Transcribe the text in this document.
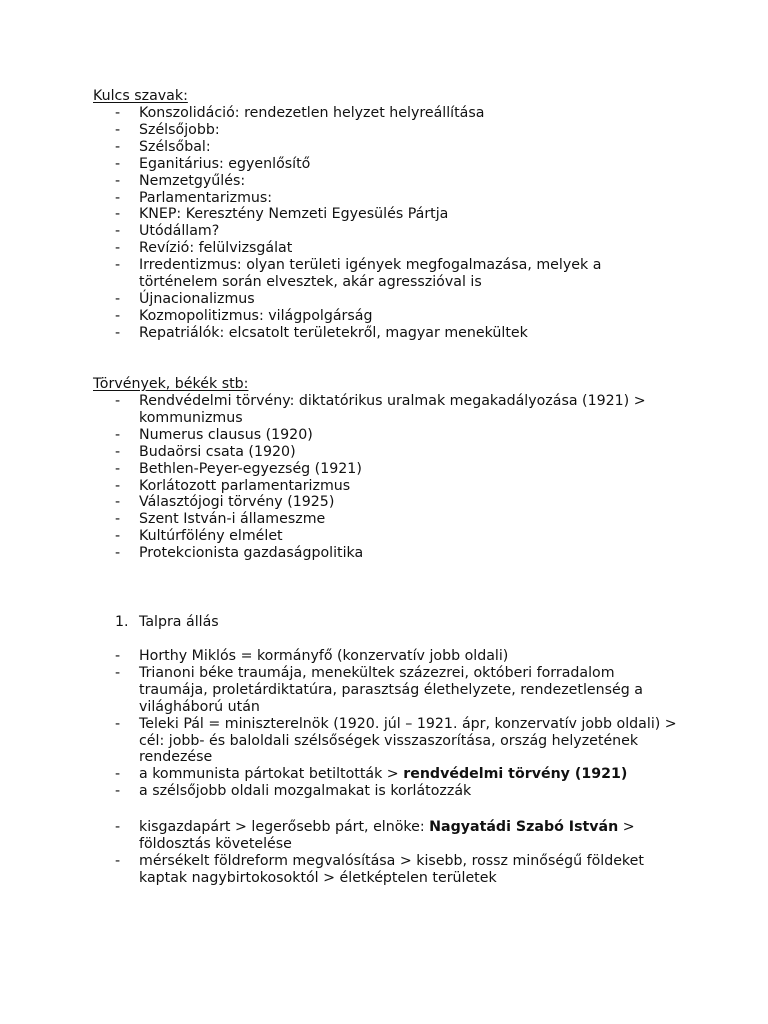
Kulcs szavak:
- Konszolidáció: rendezetlen helyzet helyreállítása
- Szélsőjobb:
- Szélsőbal:
- Eganitárius: egyenlősítő
- Nemzetgyűlés:
- Parlamentarizmus:
- KNEP: Keresztény Nemzeti Egyesülés Pártja
- Utódállam?
- Revízió: felülvizsgálat
- Irredentizmus: olyan területi igények megfogalmazása, melyek a történelem során elvesztek, akár agresszióval is
- Újnacionalizmus
- Kozmopolitizmus: világpolgárság
- Repatriálók: elcsatolt területekről, magyar menekültek
Törvények, békék stb:
- Rendvédelmi törvény: diktatórikus uralmak megakadályozása (1921) > kommunizmus
- Numerus clausus (1920)
- Budaörsi csata (1920)
- Bethlen-Peyer-egyezség (1921)
- Korlátozott parlamentarizmus
- Választójogi törvény (1925)
- Szent István-i állameszme
- Kultúrfölény elmélet
- Protekcionista gazdaságpolitika
1. Talpra állás
- Horthy Miklós = kormányfő (konzervatív jobb oldali)
- Trianoni béke traumája, menekültek százezrei, októberi forradalom traumája, proletárdiktatúra, parasztság élethelyzete, rendezetlenség a világháború után
- Teleki Pál = miniszterelnök (1920. júl – 1921. ápr, konzervatív jobb oldali) > cél: jobb- és baloldali szélsőségek visszaszorítása, ország helyzetének rendezése
- a kommunista pártokat betiltották > rendvédelmi törvény (1921)
- a szélsőjobb oldali mozgalmakat is korlátozzák
- kisgazdapárt > legerősebb párt, elnöke: Nagyatádi Szabó István > földosztás követelése
- mérsékelt földreform megvalósítása > kisebb, rossz minőségű földeket kaptak nagybirtokosoktól > életképtelen területek
